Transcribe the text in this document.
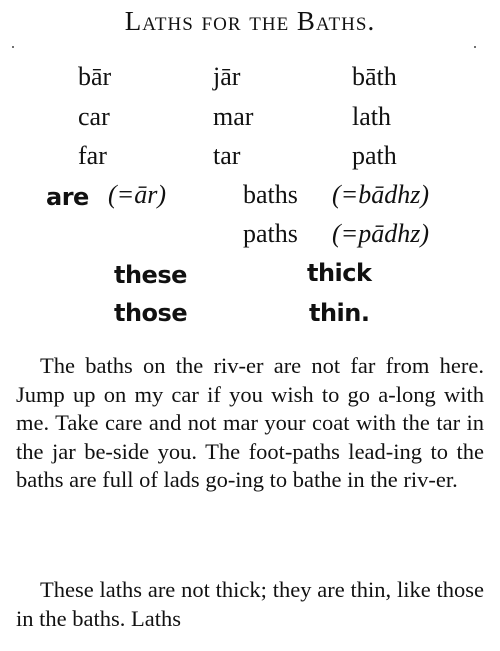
Laths for the Baths.
bār
car
far
jār
mar
tar
bāth
lath
path
are (=ār)	baths (=bādhz)
paths (=pādhz)
these
those
thick
thin.
The baths on the riv-er are not far from here. Jump up on my car if you wish to go a-long with me. Take care and not mar your coat with the tar in the jar be-side you. The foot-paths lead-ing to the baths are full of lads go-ing to bathe in the riv-er.
These laths are not thick; they are thin, like those in the baths. Laths
